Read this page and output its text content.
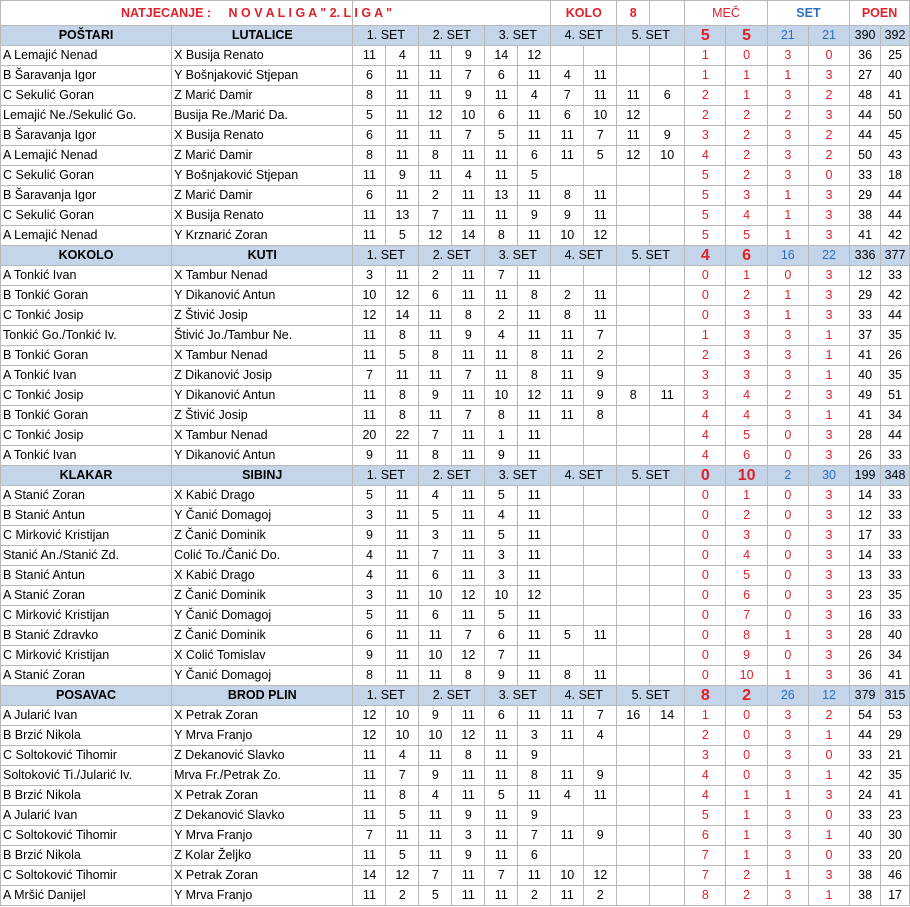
NATJECANJE : N O V A L I G A " 2. L I G A "								KOLO		8		MEČ		SET		POEN	
POŠTARI	LUTALICE	1. SET		2. SET		3. SET		4. SET		5. SET		5	5	21	21	390	392
A Lemajić Nenad	X Busija Renato	11	4	11	9	14	12					1	0	3	0	36	25
B Šaravanja Igor	Y Bošnjaković Stjepan	6	11	11	7	6	11	4	11			1	1	1	3	27	40
C Sekulić Goran	Z Marić Damir	8	11	11	9	11	4	7	11	11	6	2	1	3	2	48	41
Lemajić Ne./Sekulić Go.	Busija Re./Marić Da.	5	11	12	10	6	11	6	10	12		2	2	2	3	44	50
B Šaravanja Igor	X Busija Renato	6	11	11	7	5	11	11	7	11	9	3	2	3	2	44	45
A Lemajić Nenad	Z Marić Damir	8	11	8	11	11	6	11	5	12	10	4	2	3	2	50	43
C Sekulić Goran	Y Bošnjaković Stjepan	11	9	11	4	11	5					5	2	3	0	33	18
B Šaravanja Igor	Z Marić Damir	6	11	2	11	13	11	8	11			5	3	1	3	29	44
C Sekulić Goran	X Busija Renato	11	13	7	11	11	9	9	11			5	4	1	3	38	44
A Lemajić Nenad	Y Krznarić Zoran	11	5	12	14	8	11	10	12			5	5	1	3	41	42
KOKOLO	KUTI	1. SET		2. SET		3. SET		4. SET		5. SET		4	6	16	22	336	377
A Tonkić Ivan	X Tambur Nenad	3	11	2	11	7	11					0	1	0	3	12	33
B Tonkić Goran	Y Dikanović Antun	10	12	6	11	11	8	2	11			0	2	1	3	29	42
C Tonkić Josip	Z Štivić Josip	12	14	11	8	2	11	8	11			0	3	1	3	33	44
Tonkić Go./Tonkić Iv.	Štivić Jo./Tambur Ne.	11	8	11	9	4	11	11	7			1	3	3	1	37	35
B Tonkić Goran	X Tambur Nenad	11	5	8	11	11	8	11	2			2	3	3	1	41	26
A Tonkić Ivan	Z Dikanović Josip	7	11	11	7	11	8	11	9			3	3	3	1	40	35
C Tonkić Josip	Y Dikanović Antun	11	8	9	11	10	12	11	9	8	11	3	4	2	3	49	51
B Tonkić Goran	Z Štivić Josip	11	8	11	7	8	11	11	8			4	4	3	1	41	34
C Tonkić Josip	X Tambur Nenad	20	22	7	11	1	11					4	5	0	3	28	44
A Tonkić Ivan	Y Dikanović Antun	9	11	8	11	9	11					4	6	0	3	26	33
KLAKAR	SIBINJ	1. SET		2. SET		3. SET		4. SET		5. SET		0	10	2	30	199	348
A Stanić Zoran	X Kabić Drago	5	11	4	11	5	11					0	1	0	3	14	33
B Stanić Antun	Y Čanić Domagoj	3	11	5	11	4	11					0	2	0	3	12	33
C Mirković Kristijan	Z Čanić Dominik	9	11	3	11	5	11					0	3	0	3	17	33
Stanić An./Stanić Zd.	Colić To./Čanić Do.	4	11	7	11	3	11					0	4	0	3	14	33
B Stanić Antun	X Kabić Drago	4	11	6	11	3	11					0	5	0	3	13	33
A Stanić Zoran	Z Čanić Dominik	3	11	10	12	10	12					0	6	0	3	23	35
C Mirković Kristijan	Y Čanić Domagoj	5	11	6	11	5	11					0	7	0	3	16	33
B Stanić Zdravko	Z Čanić Dominik	6	11	11	7	6	11	5	11			0	8	1	3	28	40
C Mirković Kristijan	X Colić Tomislav	9	11	10	12	7	11					0	9	0	3	26	34
A Stanić Zoran	Y Čanić Domagoj	8	11	11	8	9	11	8	11			0	10	1	3	36	41
POSAVAC	BROD PLIN	1. SET		2. SET		3. SET		4. SET		5. SET		8	2	26	12	379	315
A Jularić Ivan	X Petrak Zoran	12	10	9	11	6	11	11	7	16	14	1	0	3	2	54	53
B Brzić Nikola	Y Mrva Franjo	12	10	10	12	11	3	11	4			2	0	3	1	44	29
C Soltoković Tihomir	Z Dekanović Slavko	11	4	11	8	11	9					3	0	3	0	33	21
Soltoković Ti./Jularić Iv.	Mrva Fr./Petrak Zo.	11	7	9	11	11	8	11	9			4	0	3	1	42	35
B Brzić Nikola	X Petrak Zoran	11	8	4	11	5	11	4	11			4	1	1	3	24	41
A Jularić Ivan	Z Dekanović Slavko	11	5	11	9	11	9					5	1	3	0	33	23
C Soltoković Tihomir	Y Mrva Franjo	7	11	11	3	11	7	11	9			6	1	3	1	40	30
B Brzić Nikola	Z Kolar Željko	11	5	11	9	11	6					7	1	3	0	33	20
C Soltoković Tihomir	X Petrak Zoran	14	12	7	11	7	11	10	12			7	2	1	3	38	46
A Mršić Danijel	Y Mrva Franjo	11	2	5	11	11	2	11	2			8	2	3	1	38	17
